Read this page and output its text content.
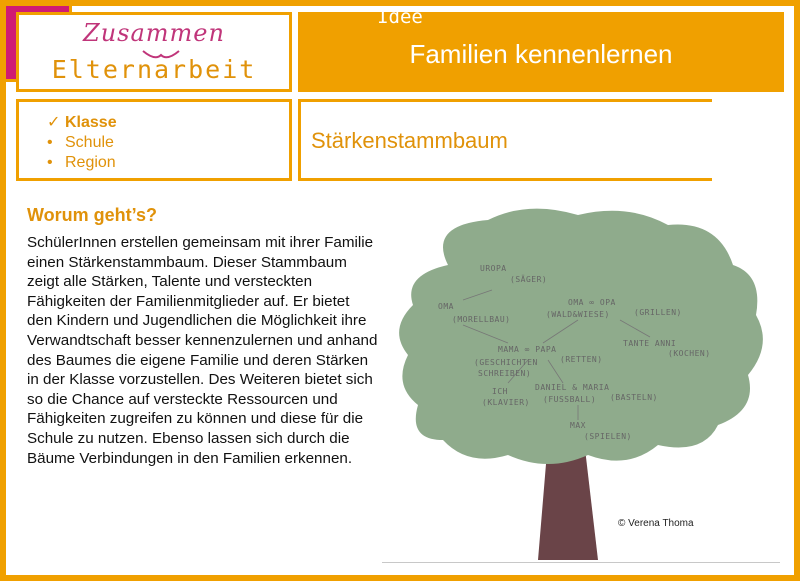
Zusammen
Elternarbeit
Familien kennenlernen
✓ Klasse
• Schule
• Region
Stärkenstammbaum
Idee
Worum geht’s?
SchülerInnen erstellen gemeinsam mit ihrer Familie einen Stärkenstammbaum. Dieser Stammbaum zeigt alle Stärken, Talente und versteckten Fähigkeiten der Familienmitglieder auf. Er bietet den Kindern und Jugendlichen die Möglichkeit ihre Verwandtschaft besser kennenzulernen und anhand des Baumes die eigene Familie und deren Stärken in der Klasse vorzustellen. Des Weiteren bietet sich so die Chance auf versteckte Ressourcen und Fähigkeiten zugreifen zu können und diese für die Schule zu nutzen. Ebenso lassen sich durch die Bäume Verbindungen in den Familien erkennen.
UROPA
(SÄGER)
OMA
(MORELLBAU)
OMA ∞ OPA
(WALD&WIESE)	(GRILLEN)
TANTE ANNI
(KOCHEN)
MAMA ∞ PAPA
(GESCHICHTEN
SCHREIBEN)
(RETTEN)
ICH
(KLAVIER)
DANIEL & MARIA
(FUSSBALL) (BASTELN)
MAX
(SPIELEN)
© Verena Thoma
